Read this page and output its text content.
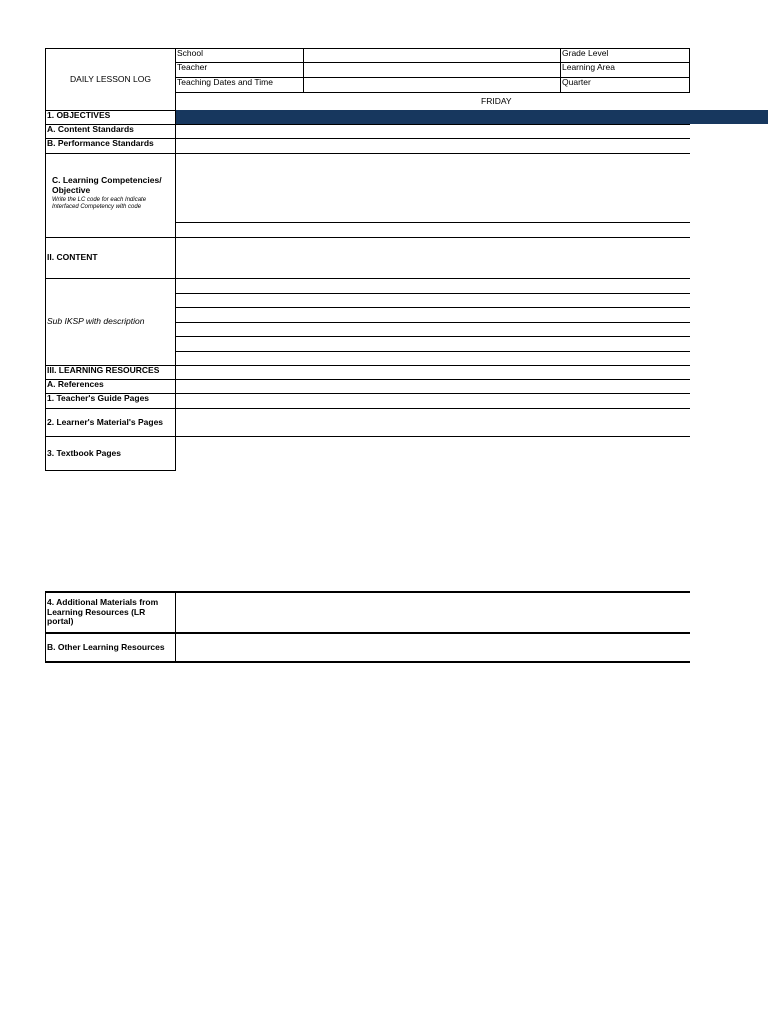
DAILY LESSON LOG
School	Grade Level
Teacher	Learning Area
Teaching Dates and Time	Quarter
FRIDAY
1. OBJECTIVES
A. Content Standards
B. Performance Standards
C. Learning Competencies/ Objective
Write the LC code for each Indicate Interfaced Competency with code
II. CONTENT
Sub IKSP with description
III. LEARNING RESOURCES
A. References
1. Teacher's Guide Pages
2. Learner's Material's Pages
3. Textbook Pages
4. Additional Materials from Learning Resources (LR portal)
B. Other Learning Resources
